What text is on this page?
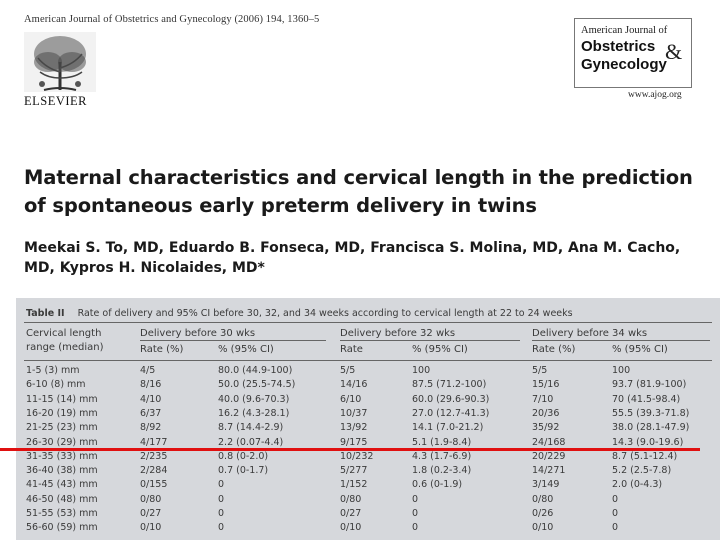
American Journal of Obstetrics and Gynecology (2006) 194, 1360–5
ELSEVIER
American Journal of
Obstetrics &
Gynecology
www.ajog.org
Maternal characteristics and cervical length in the prediction of spontaneous early preterm delivery in twins
Meekai S. To, MD, Eduardo B. Fonseca, MD, Francisca S. Molina, MD, Ana M. Cacho, MD, Kypros H. Nicolaides, MD*
Table II Rate of delivery and 95% CI before 30, 32, and 34 weeks according to cervical length at 22 to 24 weeks
Cervical length
range (median)
Delivery before 30 wks	Delivery before 32 wks	Delivery before 34 wks
Rate (%)	% (95% CI)	Rate	% (95% CI)	Rate (%)	% (95% CI)
1-5 (3) mm	4/5	80.0 (44.9-100)	5/5	100	5/5	100
6-10 (8) mm	8/16	50.0 (25.5-74.5)	14/16	87.5 (71.2-100)	15/16	93.7 (81.9-100)
11-15 (14) mm	4/10	40.0 (9.6-70.3)	6/10	60.0 (29.6-90.3)	7/10	70 (41.5-98.4)
16-20 (19) mm	6/37	16.2 (4.3-28.1)	10/37	27.0 (12.7-41.3)	20/36	55.5 (39.3-71.8)
21-25 (23) mm	8/92	8.7 (14.4-2.9)	13/92	14.1 (7.0-21.2)	35/92	38.0 (28.1-47.9)
26-30 (29) mm	4/177	2.2 (0.07-4.4)	9/175	5.1 (1.9-8.4)	24/168	14.3 (9.0-19.6)
31-35 (33) mm	2/235	0.8 (0-2.0)	10/232	4.3 (1.7-6.9)	20/229	8.7 (5.1-12.4)
36-40 (38) mm	2/284	0.7 (0-1.7)	5/277	1.8 (0.2-3.4)	14/271	5.2 (2.5-7.8)
41-45 (43) mm	0/155	0	1/152	0.6 (0-1.9)	3/149	2.0 (0-4.3)
46-50 (48) mm	0/80	0	0/80	0	0/80	0
51-55 (53) mm	0/27	0	0/27	0	0/26	0
56-60 (59) mm	0/10	0	0/10	0	0/10	0
